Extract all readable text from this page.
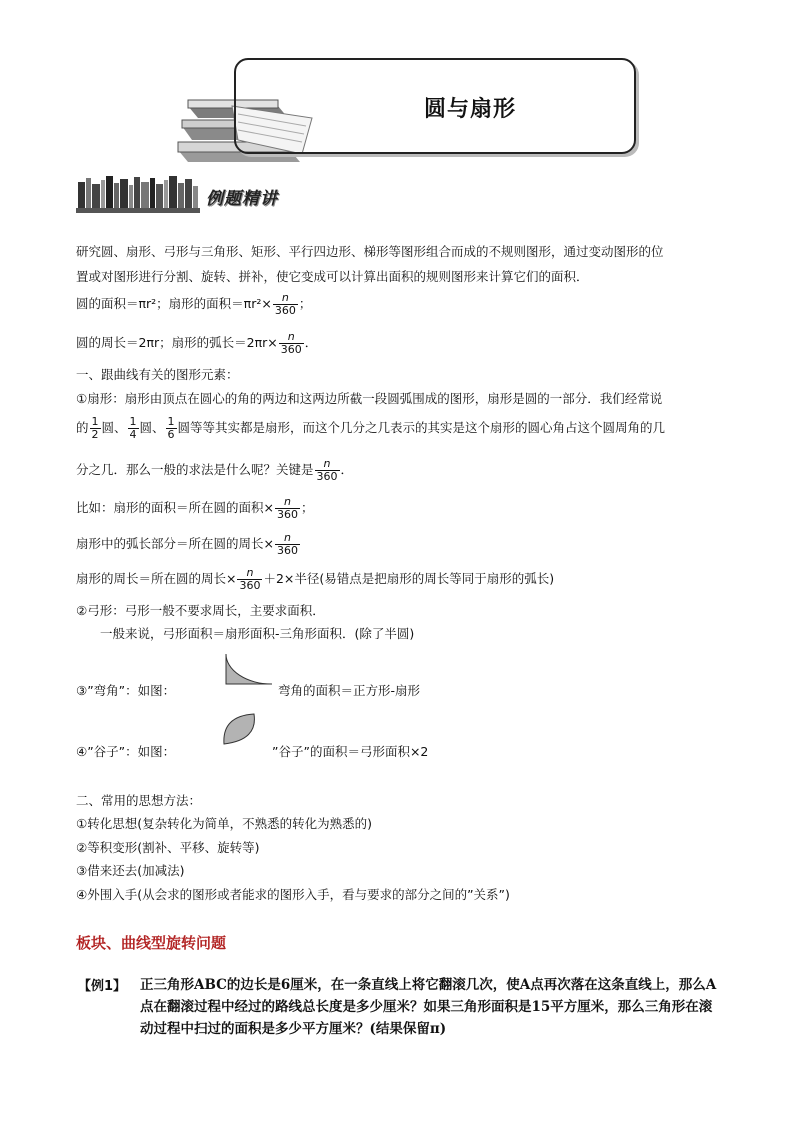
圆与扇形
例题精讲
研究圆、扇形、弓形与三角形、矩形、平行四边形、梯形等图形组合而成的不规则图形，通过变动图形的位
置或对图形进行分割、旋转、拼补，使它变成可以计算出面积的规则图形来计算它们的面积．
圆的面积＝πr²；扇形的面积$=\pi r^2\times \frac{n}{360}$ ；
圆的周长＝2πr；扇形的弧长$=2\pi r\times \frac{n}{360}$ ．
一、跟曲线有关的图形元素：
①扇形：扇形由顶点在圆心的角的两边和这两边所截一段圆弧围成的图形，扇形是圆的一部分．我们经常说
的 $\frac{1}{2}$ 圆、 $\frac{1}{4}$ 圆、 $\frac{1}{6}$ 圆等等其实都是扇形，而这个几分之几表示的其实是这个扇形的圆心角占这个圆周角的几
分之几．那么一般的求法是什么呢？关键是 $\frac{n}{360}$ ．
比如：扇形的面积＝所在圆的面积× $\frac{n}{360}$ ；
扇形中的弧长部分＝所在圆的周长× $\frac{n}{360}$
扇形的周长＝所在圆的周长× $\frac{n}{360} +2\times$半径(易错点是把扇形的周长等同于扇形的弧长)
②弓形：弓形一般不要求周长，主要求面积．
一般来说，弓形面积＝扇形面积-三角形面积．(除了半圆)
③”弯角”：如图：	弯角的面积＝正方形-扇形
④”谷子”：如图：	”谷子”的面积＝弓形面积×2
二、常用的思想方法：
①转化思想(复杂转化为简单，不熟悉的转化为熟悉的)
②等积变形(割补、平移、旋转等)
③借来还去(加减法)
④外围入手(从会求的图形或者能求的图形入手，看与要求的部分之间的”关系”)
板块、曲线型旋转问题
【例1】 正三角形ABC的边长是6厘米，在一条直线上将它翻滚几次，使A点再次落在这条直线上，那么A
点在翻滚过程中经过的路线总长度是多少厘米？如果三角形面积是15平方厘米，那么三角形在滚
动过程中扫过的面积是多少平方厘米？(结果保留π)
